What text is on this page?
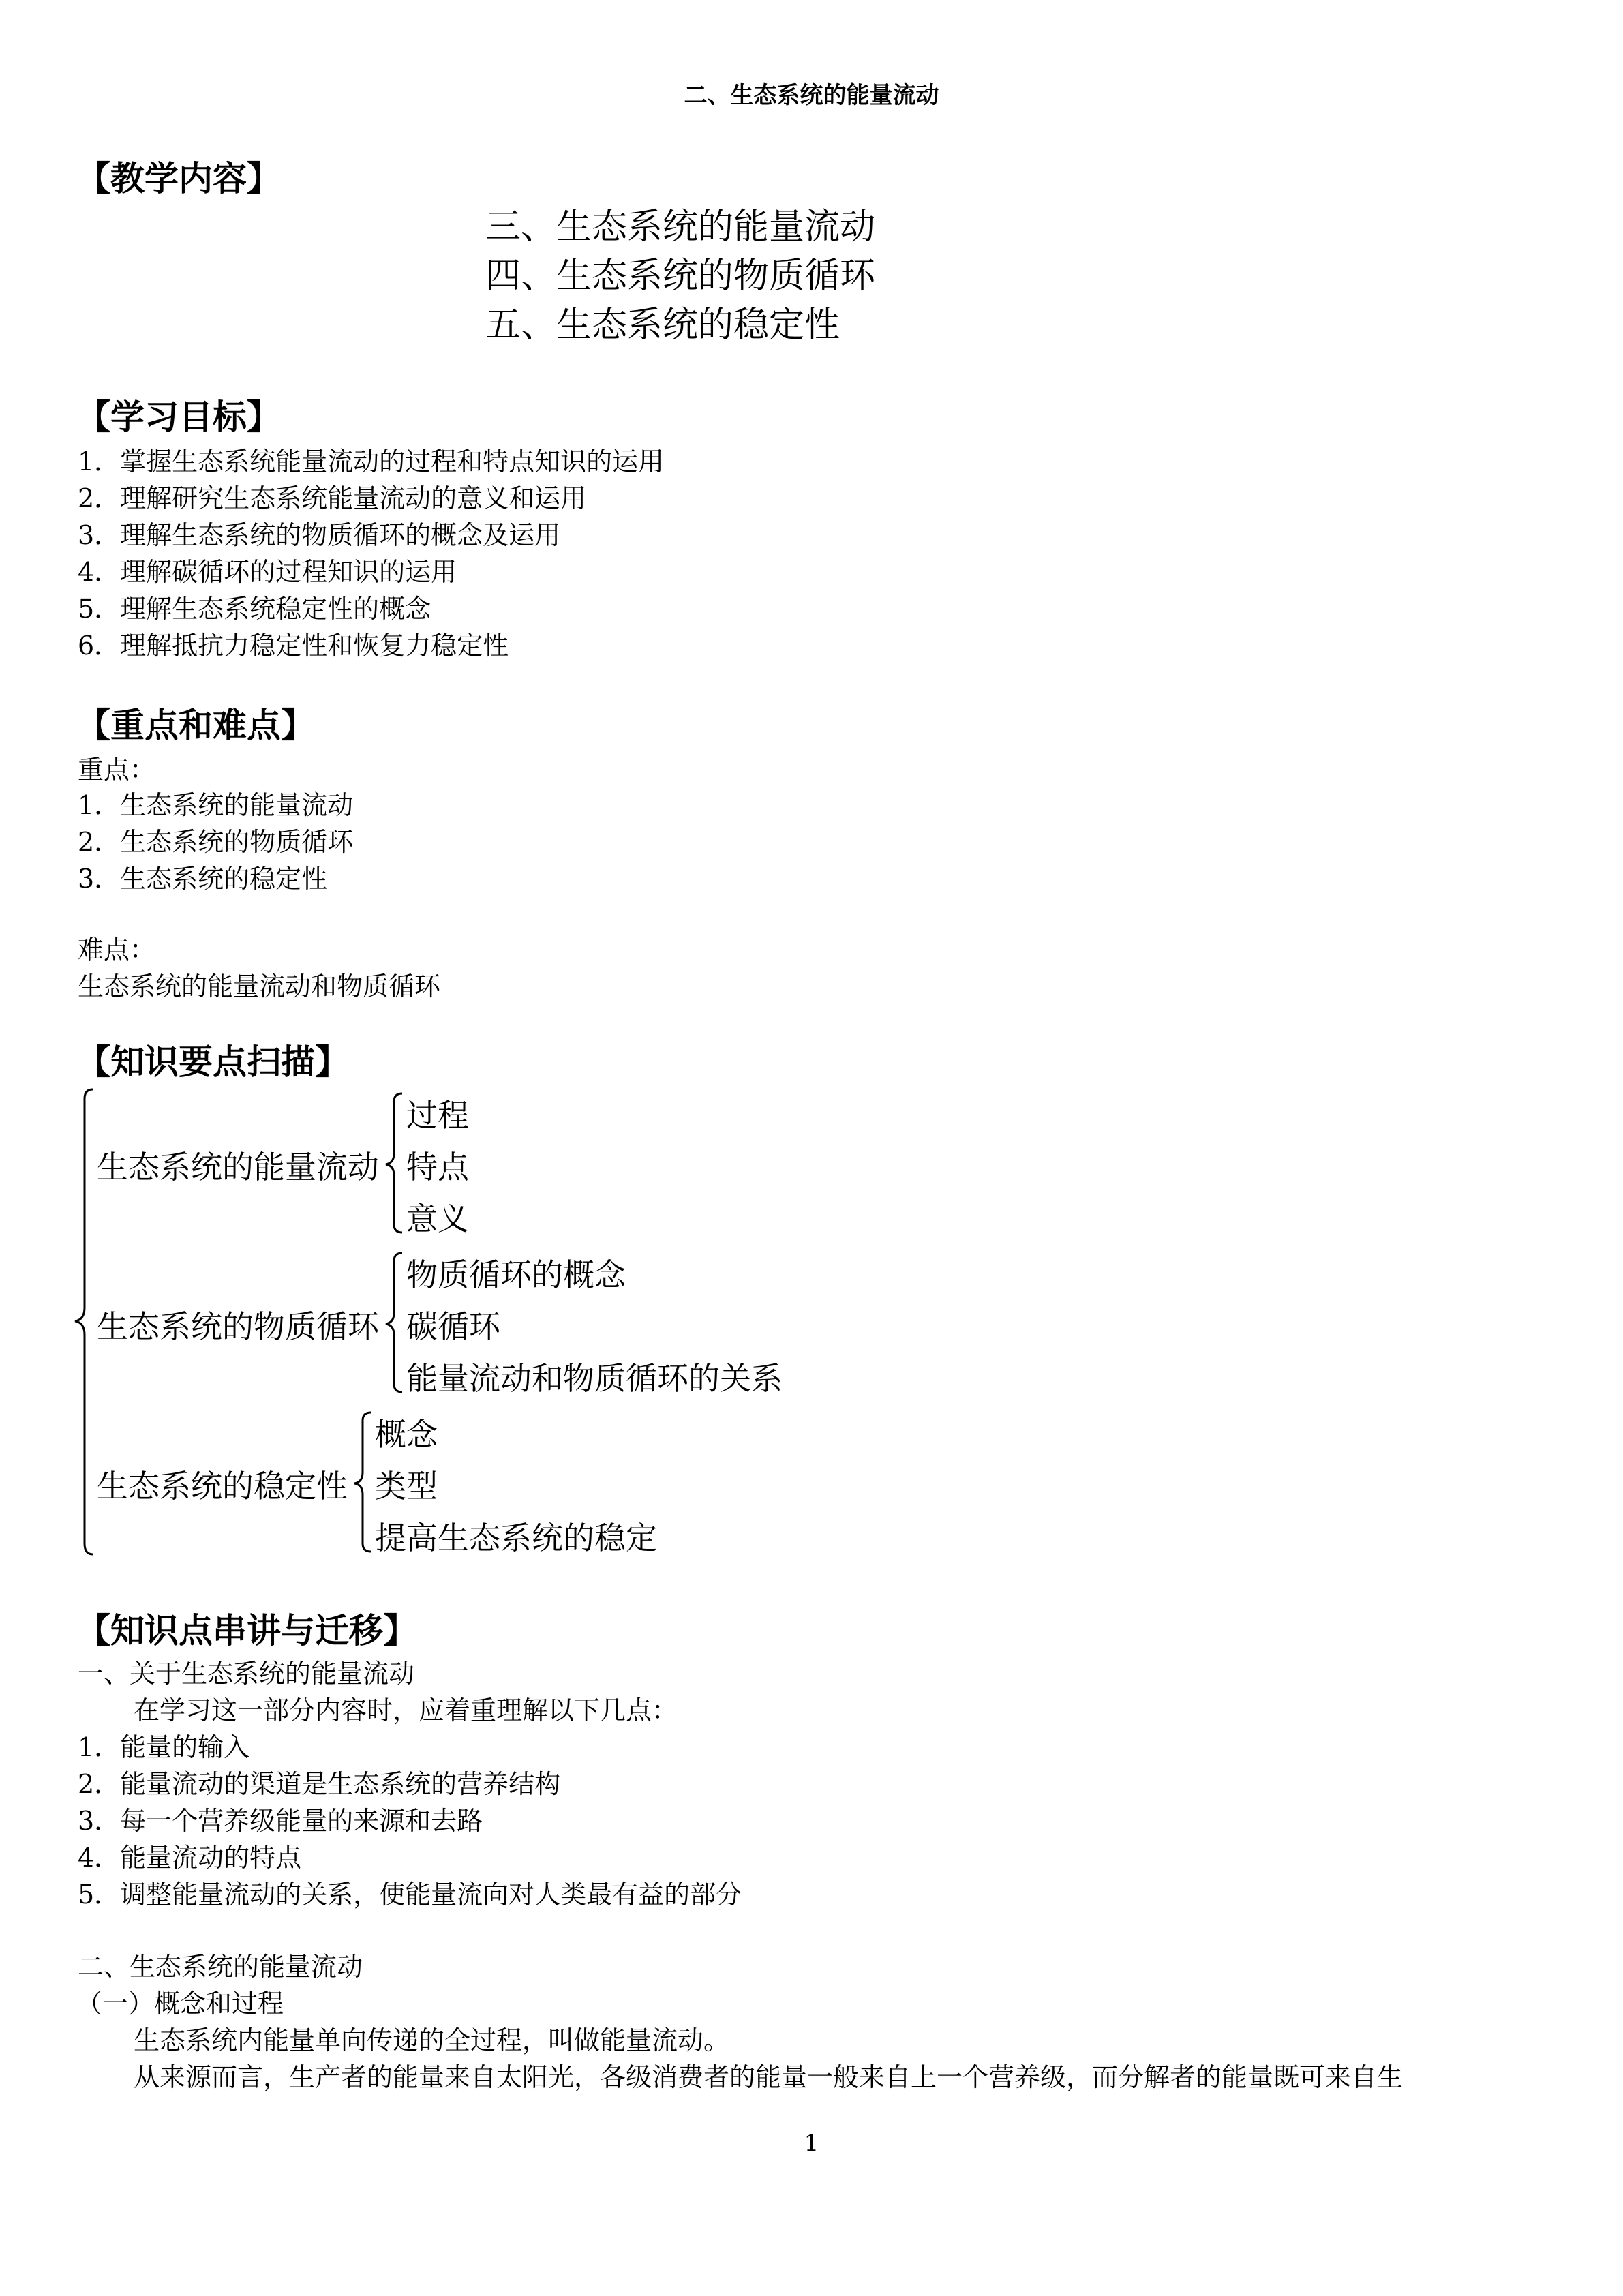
二、生态系统的能量流动
【教学内容】
三、生态系统的能量流动
四、生态系统的物质循环
五、生态系统的稳定性
【学习目标】
1．掌握生态系统能量流动的过程和特点知识的运用
2．理解研究生态系统能量流动的意义和运用
3．理解生态系统的物质循环的概念及运用
4．理解碳循环的过程知识的运用
5．理解生态系统稳定性的概念
6．理解抵抗力稳定性和恢复力稳定性
【重点和难点】
重点：
1．生态系统的能量流动
2．生态系统的物质循环
3．生态系统的稳定性
难点：
生态系统的能量流动和物质循环
【知识要点扫描】
生态系统的能量流动
过程
特点
意义
生态系统的物质循环
物质循环的概念
碳循环
能量流动和物质循环的关系
生态系统的稳定性
概念
类型
提高生态系统的稳定
【知识点串讲与迁移】
一、关于生态系统的能量流动
在学习这一部分内容时，应着重理解以下几点：
1．能量的输入
2．能量流动的渠道是生态系统的营养结构
3．每一个营养级能量的来源和去路
4．能量流动的特点
5．调整能量流动的关系，使能量流向对人类最有益的部分
二、生态系统的能量流动
（一）概念和过程
生态系统内能量单向传递的全过程，叫做能量流动。
从来源而言，生产者的能量来自太阳光，各级消费者的能量一般来自上一个营养级，而分解者的能量既可来自生
1
